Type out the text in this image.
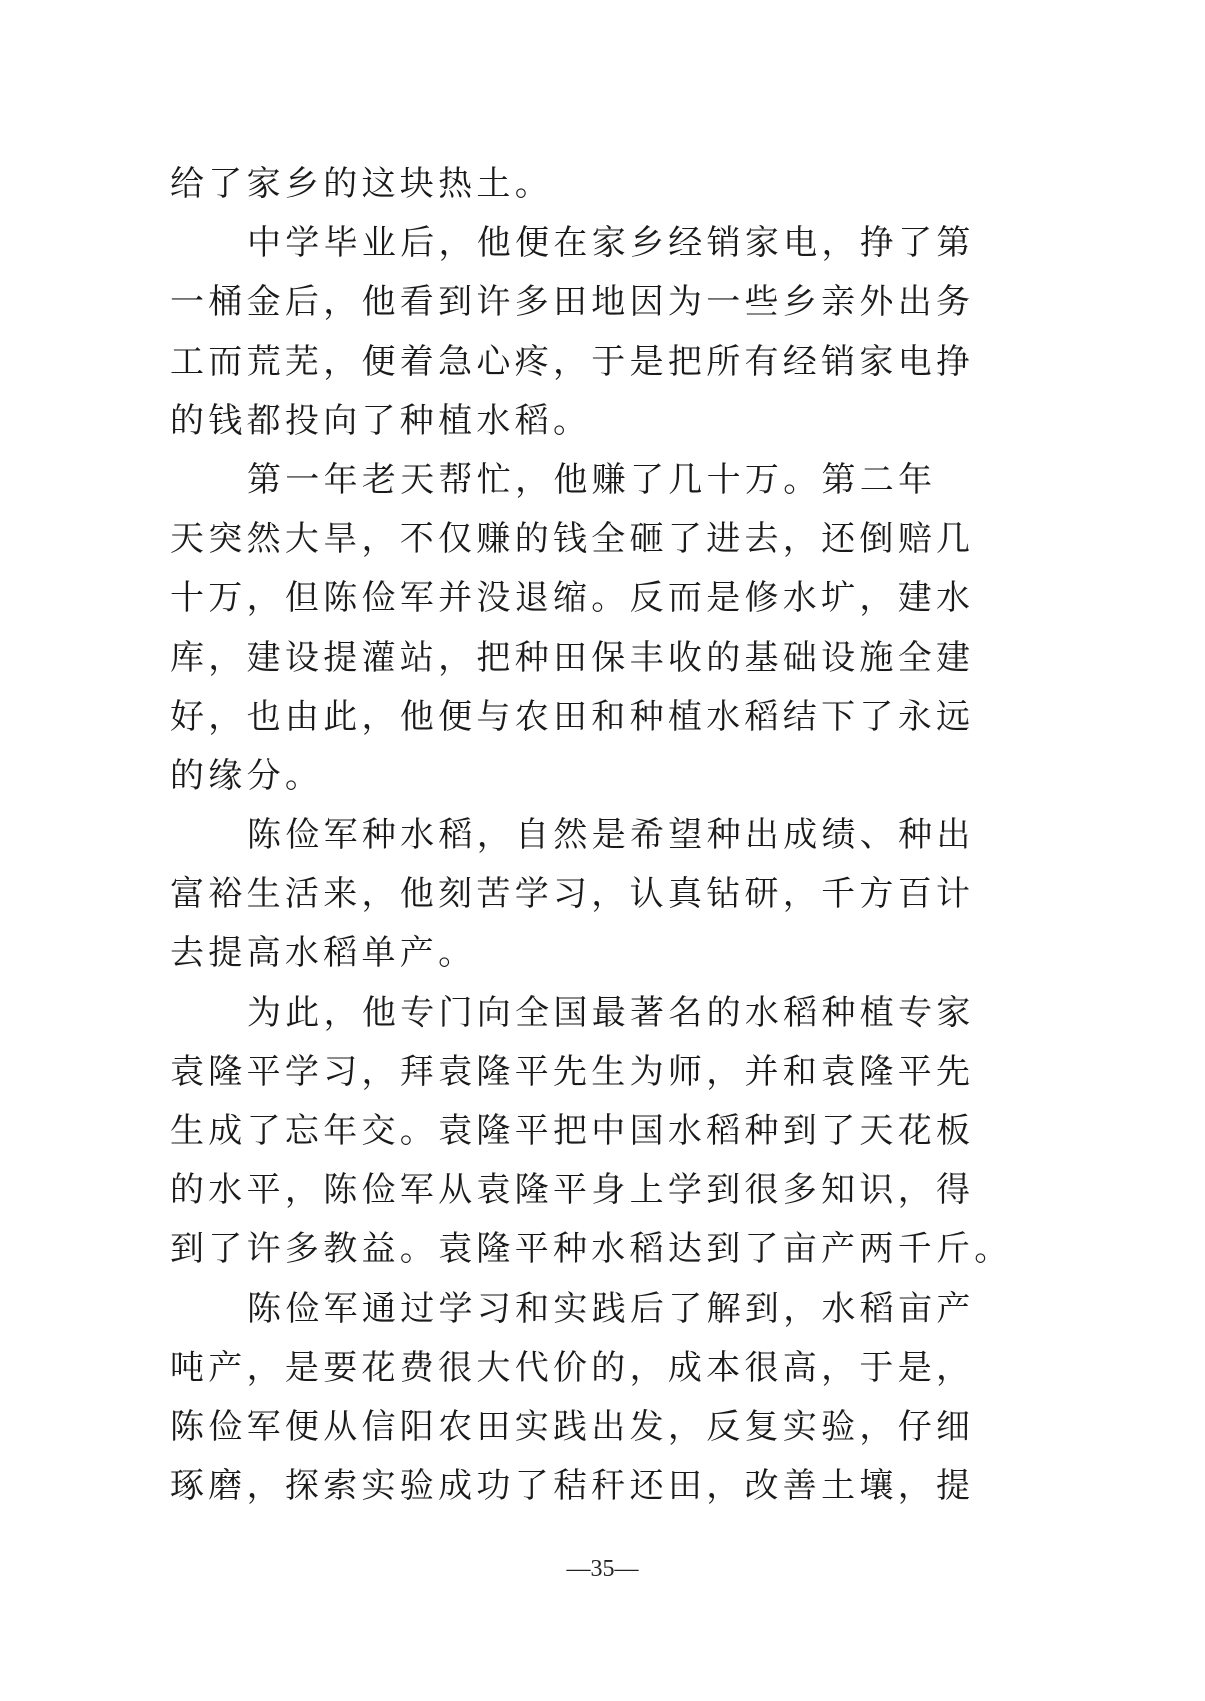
给了家乡的这块热土。
中学毕业后，他便在家乡经销家电，挣了第
一桶金后，他看到许多田地因为一些乡亲外出务
工而荒芜，便着急心疼，于是把所有经销家电挣
的钱都投向了种植水稻。
第一年老天帮忙，他赚了几十万。第二年
天突然大旱，不仅赚的钱全砸了进去，还倒赔几
十万，但陈俭军并没退缩。反而是修水圹，建水
库，建设提灌站，把种田保丰收的基础设施全建
好，也由此，他便与农田和种植水稻结下了永远
的缘分。
陈俭军种水稻，自然是希望种出成绩、种出
富裕生活来，他刻苦学习，认真钻研，千方百计
去提高水稻单产。
为此，他专门向全国最著名的水稻种植专家
袁隆平学习，拜袁隆平先生为师，并和袁隆平先
生成了忘年交。袁隆平把中国水稻种到了天花板
的水平，陈俭军从袁隆平身上学到很多知识，得
到了许多教益。袁隆平种水稻达到了亩产两千斤。
陈俭军通过学习和实践后了解到，水稻亩产
吨产，是要花费很大代价的，成本很高，于是，
陈俭军便从信阳农田实践出发，反复实验，仔细
琢磨，探索实验成功了秸秆还田，改善土壤，提
—35—
